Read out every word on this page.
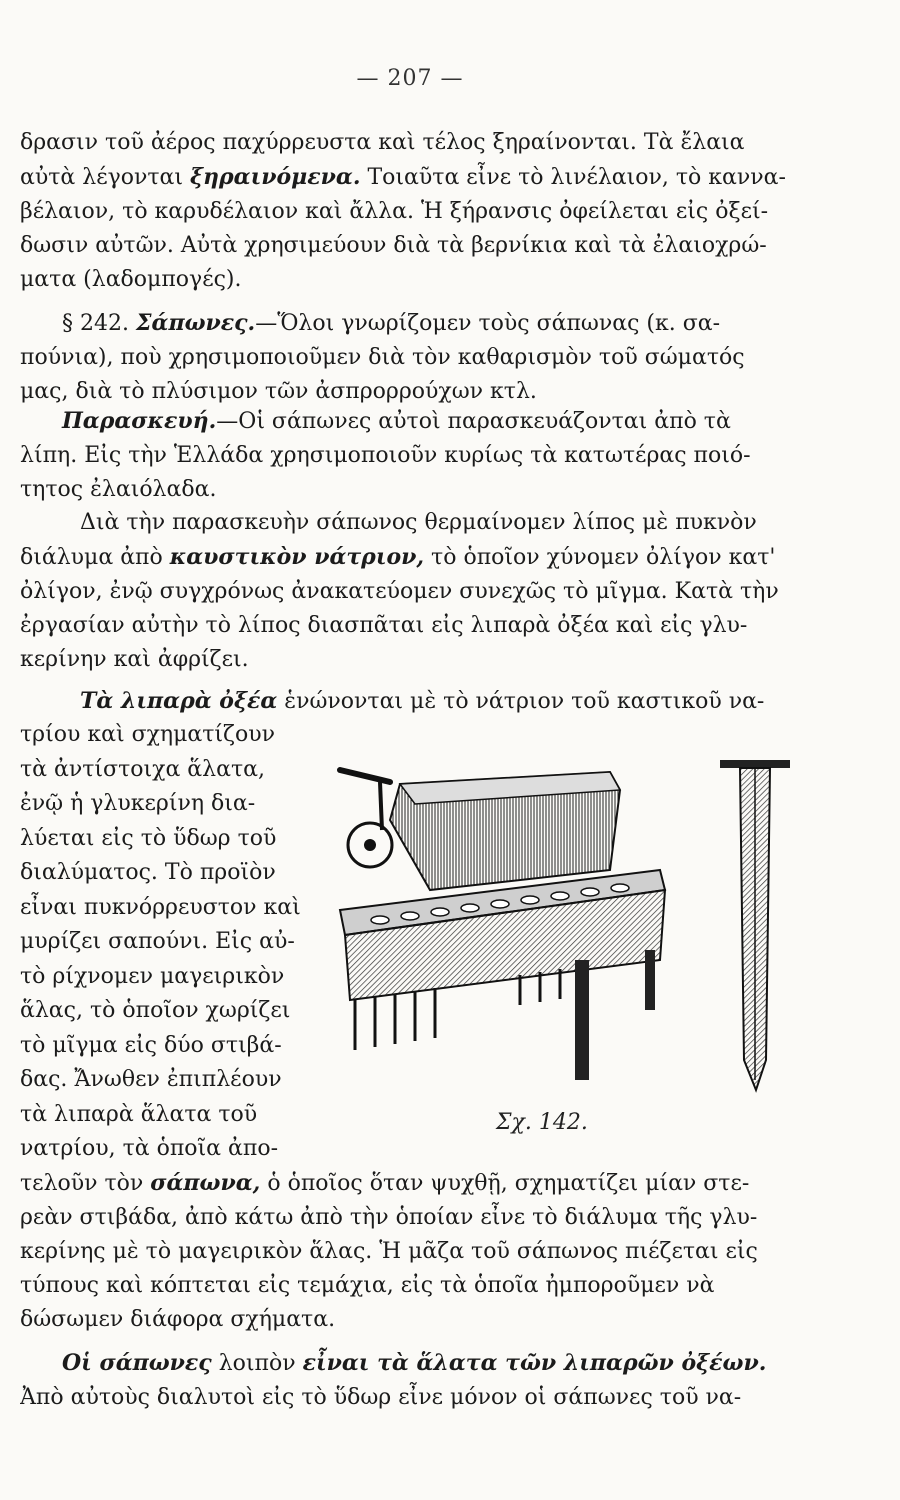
— 207 —
δρασιν τοῦ ἀέρος παχύρρευστα καὶ τέλος ξηραίνονται. Τὰ ἔλαια
αὐτὰ λέγονται ξηραινόμενα. Τοιαῦτα εἶνε τὸ λινέλαιον, τὸ καννα-
βέλαιον, τὸ καρυδέλαιον καὶ ἄλλα. Ἡ ξήρανσις ὀφείλεται εἰς ὀξεί-
δωσιν αὐτῶν. Αὐτὰ χρησιμεύουν διὰ τὰ βερνίκια καὶ τὰ ἐλαιοχρώ-
ματα (λαδομπογές).
§ 242. Σάπωνες.—Ὅλοι γνωρίζομεν τοὺς σάπωνας (κ. σα-
πούνια), ποὺ χρησιμοποιοῦμεν διὰ τὸν καθαρισμὸν τοῦ σώματός
μας, διὰ τὸ πλύσιμον τῶν ἀσπρορρούχων κτλ.
Παρασκευή.—Οἱ σάπωνες αὐτοὶ παρασκευάζονται ἀπὸ τὰ
λίπη. Εἰς τὴν Ἑλλάδα χρησιμοποιοῦν κυρίως τὰ κατωτέρας ποιό-
τητος ἐλαιόλαδα.
Διὰ τὴν παρασκευὴν σάπωνος θερμαίνομεν λίπος μὲ πυκνὸν
διάλυμα ἀπὸ καυστικὸν νάτριον, τὸ ὁποῖον χύνομεν ὀλίγον κατ'
ὀλίγον, ἐνῷ συγχρόνως ἀνακατεύομεν συνεχῶς τὸ μῖγμα. Κατὰ τὴν
ἐργασίαν αὐτὴν τὸ λίπος διασπᾶται εἰς λιπαρὰ ὀξέα καὶ εἰς γλυ-
κερίνην καὶ ἀφρίζει.
Τὰ λιπαρὰ ὀξέα ἑνώνονται μὲ τὸ νάτριον τοῦ καστικοῦ να-
τρίου καὶ σχηματίζουν
τὰ ἀντίστοιχα ἅλατα,
ἐνῷ ἡ γλυκερίνη δια-
λύεται εἰς τὸ ὕδωρ τοῦ
διαλύματος. Τὸ προϊὸν
εἶναι πυκνόρρευστον καὶ
μυρίζει σαπούνι. Εἰς αὐ-
τὸ ρίχνομεν μαγειρικὸν
ἅλας, τὸ ὁποῖον χωρίζει
τὸ μῖγμα εἰς δύο στιβά-
δας. Ἄνωθεν ἐπιπλέουν
τὰ λιπαρὰ ἅλατα τοῦ
νατρίου, τὰ ὁποῖα ἀπο-
Σχ. 142.
τελοῦν τὸν σάπωνα, ὁ ὁποῖος ὅταν ψυχθῇ, σχηματίζει μίαν στε-
ρεὰν στιβάδα, ἀπὸ κάτω ἀπὸ τὴν ὁποίαν εἶνε τὸ διάλυμα τῆς γλυ-
κερίνης μὲ τὸ μαγειρικὸν ἅλας. Ἡ μᾶζα τοῦ σάπωνος πιέζεται εἰς
τύπους καὶ κόπτεται εἰς τεμάχια, εἰς τὰ ὁποῖα ἠμποροῦμεν νὰ
δώσωμεν διάφορα σχήματα.
Οἱ σάπωνες λοιπὸν εἶναι τὰ ἅλατα τῶν λιπαρῶν ὀξέων.
Ἀπὸ αὐτοὺς διαλυτοὶ εἰς τὸ ὕδωρ εἶνε μόνον οἱ σάπωνες τοῦ να-
